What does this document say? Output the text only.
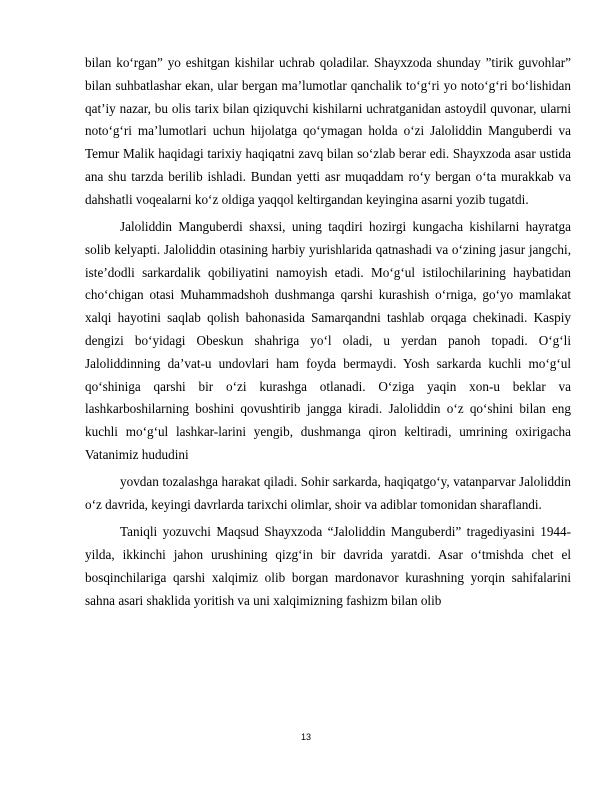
bilan ko‘rgan” yo eshitgan kishilar uchrab qoladilar. Shayxzoda shunday ”tirik guvohlar” bilan suhbatlashar ekan, ular bergan ma’lumotlar qanchalik to‘g‘ri yo noto‘g‘ri bo‘lishidan qat’iy nazar, bu olis tarix bilan qiziquvchi kishilarni uchratganidan astoydil quvonar, ularni noto‘g‘ri ma’lumotlari uchun hijolatga qo‘ymagan holda o‘zi Jaloliddin Manguberdi va Temur Malik haqidagi tarixiy haqiqatni zavq bilan so‘zlab berar edi. Shayxzoda asar ustida ana shu tarzda berilib ishladi. Bundan yetti asr muqaddam ro‘y bergan o‘ta murakkab va dahshatli voqealarni ko‘z oldiga yaqqol keltirgandan keyingina asarni yozib tugatdi.

Jaloliddin Manguberdi shaxsi, uning taqdiri hozirgi kungacha kishilarni hayratga solib kelyapti. Jaloliddin otasining harbiy yurishlarida qatnashadi va o‘zining jasur jangchi, iste’dodli sarkardalik qobiliyatini namoyish etadi. Mo‘g‘ul istilochilarining haybatidan cho‘chigan otasi Muhammadshoh dushmanga qarshi kurashish o‘rniga, go‘yo mamlakat xalqi hayotini saqlab qolish bahonasida Samarqandni tashlab orqaga chekinadi. Kaspiy dengizi bo‘yidagi Obeskun shahriga yo‘l oladi, u yerdan panoh topadi. O‘g‘li Jaloliddinning da’vat-u undovlari ham foyda bermaydi. Yosh sarkarda kuchli mo‘g‘ul qo‘shiniga qarshi bir o‘zi kurashga otlanadi. O‘ziga yaqin xon-u beklar va lashkarboshilarning boshini qovushtirib jangga kiradi. Jaloliddin o‘z qo‘shini bilan eng kuchli mo‘g‘ul lashkar-larini yengib, dushmanga qiron keltiradi, umrining oxirigacha Vatanimiz hududini

yovdan tozalashga harakat qiladi. Sohir sarkarda, haqiqatgo‘y, vatanparvar Jaloliddin o‘z davrida, keyingi davrlarda tarixchi olimlar, shoir va adiblar tomonidan sharaflandi.

Taniqli yozuvchi Maqsud Shayxzoda “Jaloliddin Manguberdi” tragediyasini 1944- yilda, ikkinchi jahon urushining qizg‘in bir davrida yaratdi. Asar o‘tmishda chet el bosqinchilariga qarshi xalqimiz olib borgan mardonavor kurashning yorqin sahifalarini sahna asari shaklida yoritish va uni xalqimizning fashizm bilan olib

13
